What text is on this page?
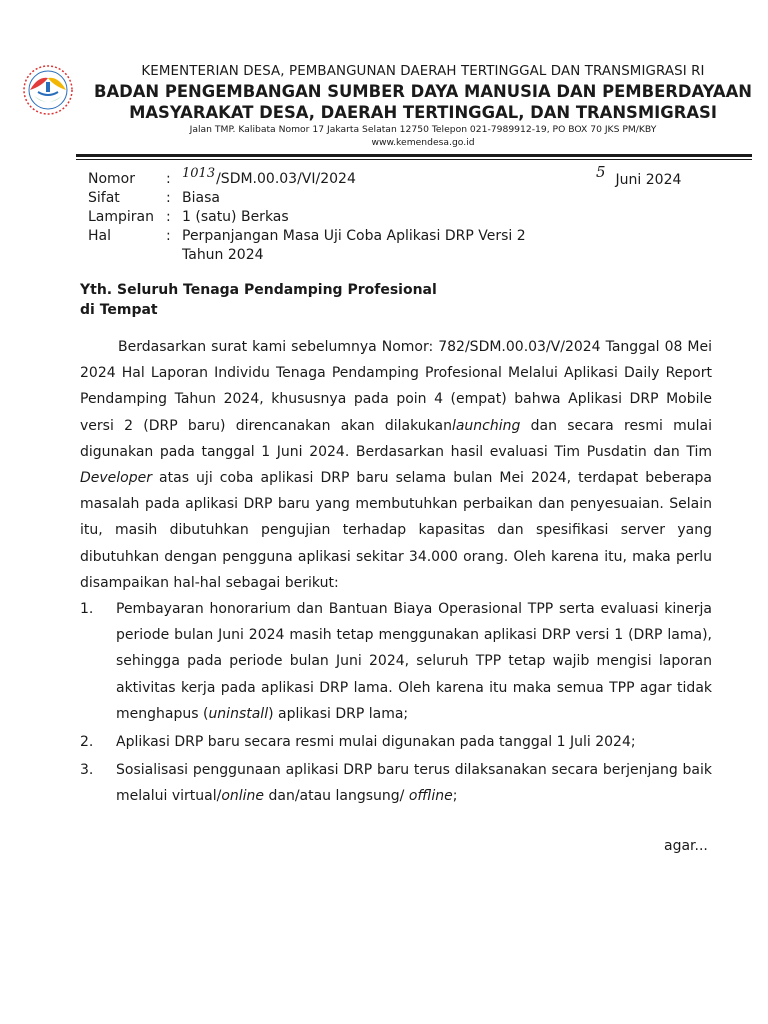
KEMENTERIAN DESA, PEMBANGUNAN DAERAH TERTINGGAL DAN TRANSMIGRASI RI
BADAN PENGEMBANGAN SUMBER DAYA MANUSIA DAN PEMBERDAYAAN
MASYARAKAT DESA, DAERAH TERTINGGAL, DAN TRANSMIGRASI
Jalan TMP. Kalibata Nomor 17 Jakarta Selatan 12750 Telepon 021-7989912-19, PO BOX 70 JKS PM/KBY
www.kemendesa.go.id
Nomor	: 1013/SDM.00.03/VI/2024
Sifat	: Biasa
Lampiran : 1 (satu) Berkas
Hal	: Perpanjangan Masa Uji Coba Aplikasi DRP Versi 2
Tahun 2024
5 Juni 2024
Yth. Seluruh Tenaga Pendamping Profesional
di Tempat

Berdasarkan surat kami sebelumnya Nomor: 782/SDM.00.03/V/2024 Tanggal 08 Mei 2024 Hal Laporan Individu Tenaga Pendamping Profesional Melalui Aplikasi Daily Report Pendamping Tahun 2024, khususnya pada poin 4 (empat) bahwa Aplikasi DRP Mobile versi 2 (DRP baru) direncanakan akan dilakukanlaunching dan secara resmi mulai digunakan pada tanggal 1 Juni 2024. Berdasarkan hasil evaluasi Tim Pusdatin dan Tim Developer atas uji coba aplikasi DRP baru selama bulan Mei 2024, terdapat beberapa masalah pada aplikasi DRP baru yang membutuhkan perbaikan dan penyesuaian. Selain itu, masih dibutuhkan pengujian terhadap kapasitas dan spesifikasi server yang dibutuhkan dengan pengguna aplikasi sekitar 34.000 orang. Oleh karena itu, maka perlu disampaikan hal-hal sebagai berikut:

1.	Pembayaran honorarium dan Bantuan Biaya Operasional TPP serta evaluasi kinerja periode bulan Juni 2024 masih tetap menggunakan aplikasi DRP versi 1 (DRP lama), sehingga pada periode bulan Juni 2024, seluruh TPP tetap wajib mengisi laporan aktivitas kerja pada aplikasi DRP lama. Oleh karena itu maka semua TPP agar tidak menghapus (uninstall) aplikasi DRP lama;
2.	Aplikasi DRP baru secara resmi mulai digunakan pada tanggal 1 Juli 2024;
3.	Sosialisasi penggunaan aplikasi DRP baru terus dilaksanakan secara berjenjang baik melalui virtual/online dan/atau langsung/ offline;
agar...
